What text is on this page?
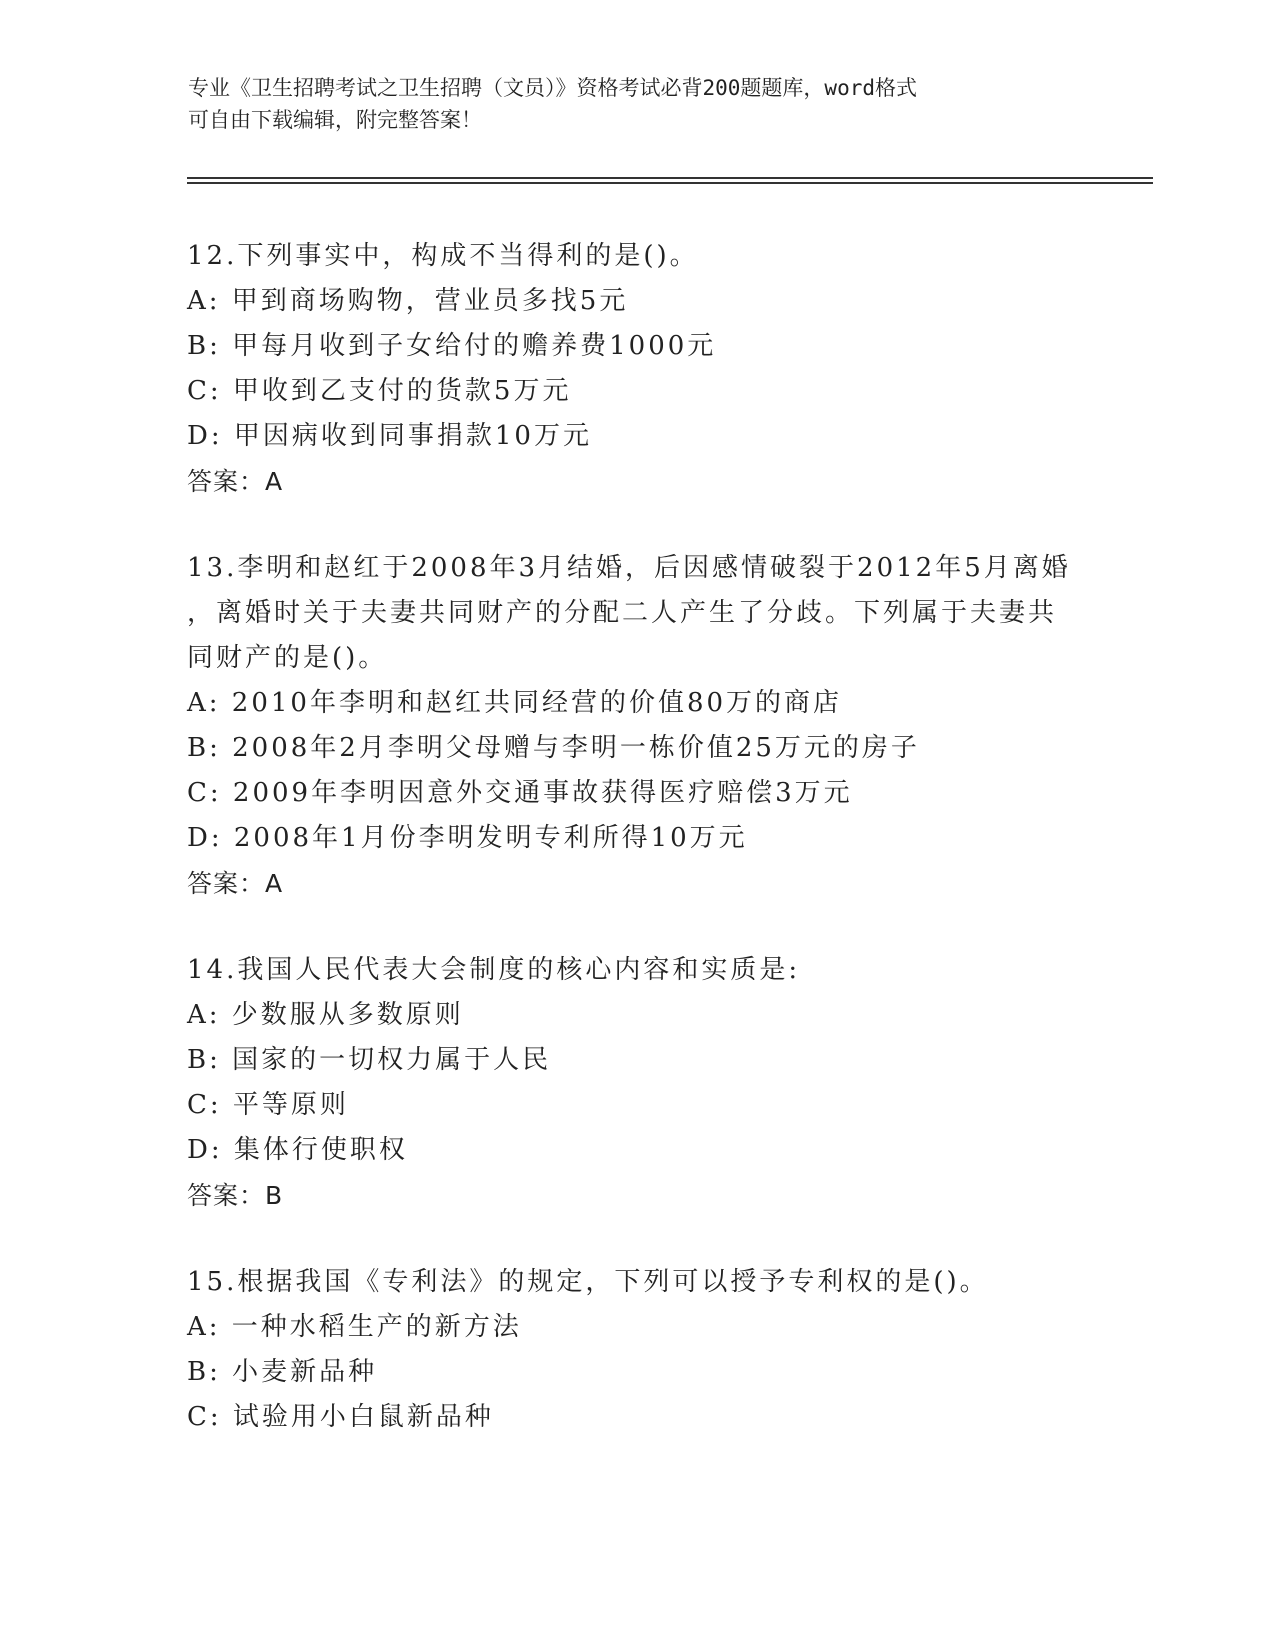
专业《卫生招聘考试之卫生招聘（文员）》资格考试必背200题题库，word格式
可自由下载编辑，附完整答案！
12.下列事实中，构成不当得利的是()。
A: 甲到商场购物，营业员多找5元
B: 甲每月收到子女给付的赡养费1000元
C: 甲收到乙支付的货款5万元
D: 甲因病收到同事捐款10万元
答案：A
13.李明和赵红于2008年3月结婚，后因感情破裂于2012年5月离婚
，离婚时关于夫妻共同财产的分配二人产生了分歧。下列属于夫妻共
同财产的是()。
A: 2010年李明和赵红共同经营的价值80万的商店
B: 2008年2月李明父母赠与李明一栋价值25万元的房子
C: 2009年李明因意外交通事故获得医疗赔偿3万元
D: 2008年1月份李明发明专利所得10万元
答案：A
14.我国人民代表大会制度的核心内容和实质是:
A: 少数服从多数原则
B: 国家的一切权力属于人民
C: 平等原则
D: 集体行使职权
答案：B
15.根据我国《专利法》的规定，下列可以授予专利权的是()。
A: 一种水稻生产的新方法
B: 小麦新品种
C: 试验用小白鼠新品种
